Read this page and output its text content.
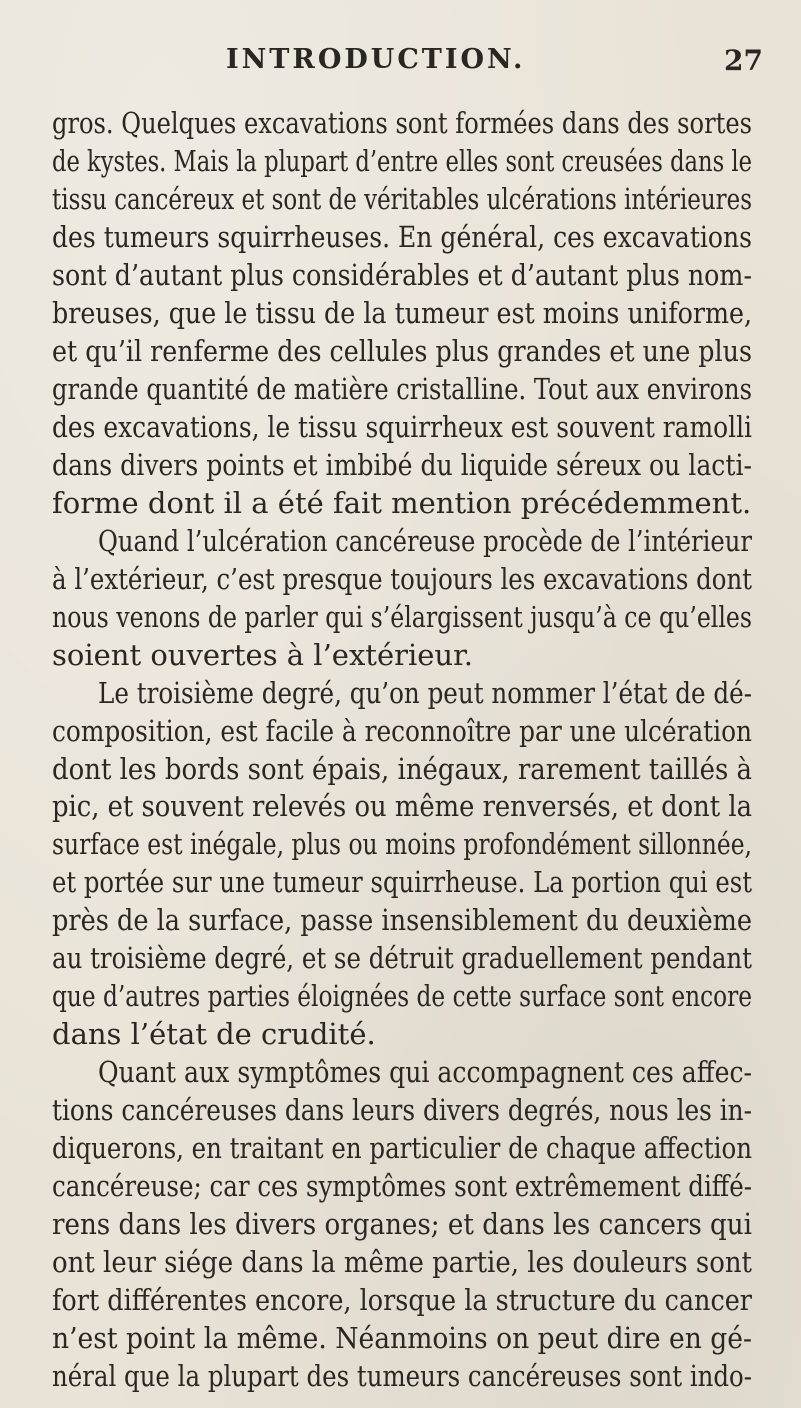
INTRODUCTION.	27
gros. Quelques excavations sont formées dans des sortes
de kystes. Mais la plupart d’entre elles sont creusées dans le
tissu cancéreux et sont de véritables ulcérations intérieures
des tumeurs squirrheuses. En général, ces excavations
sont d’autant plus considérables et d’autant plus nom-
breuses, que le tissu de la tumeur est moins uniforme,
et qu’il renferme des cellules plus grandes et une plus
grande quantité de matière cristalline. Tout aux environs
des excavations, le tissu squirrheux est souvent ramolli
dans divers points et imbibé du liquide séreux ou lacti-
forme dont il a été fait mention précédemment.
Quand l’ulcération cancéreuse procède de l’intérieur
à l’extérieur, c’est presque toujours les excavations dont
nous venons de parler qui s’élargissent jusqu’à ce qu’elles
soient ouvertes à l’extérieur.
Le troisième degré, qu’on peut nommer l’état de dé-
composition, est facile à reconnoître par une ulcération
dont les bords sont épais, inégaux, rarement taillés à
pic, et souvent relevés ou même renversés, et dont la
surface est inégale, plus ou moins profondément sillonnée,
et portée sur une tumeur squirrheuse. La portion qui est
près de la surface, passe insensiblement du deuxième
au troisième degré, et se détruit graduellement pendant
que d’autres parties éloignées de cette surface sont encore
dans l’état de crudité.
Quant aux symptômes qui accompagnent ces affec-
tions cancéreuses dans leurs divers degrés, nous les in-
diquerons, en traitant en particulier de chaque affection
cancéreuse; car ces symptômes sont extrêmement diffé-
rens dans les divers organes; et dans les cancers qui
ont leur siége dans la même partie, les douleurs sont
fort différentes encore, lorsque la structure du cancer
n’est point la même. Néanmoins on peut dire en gé-
néral que la plupart des tumeurs cancéreuses sont indo-
